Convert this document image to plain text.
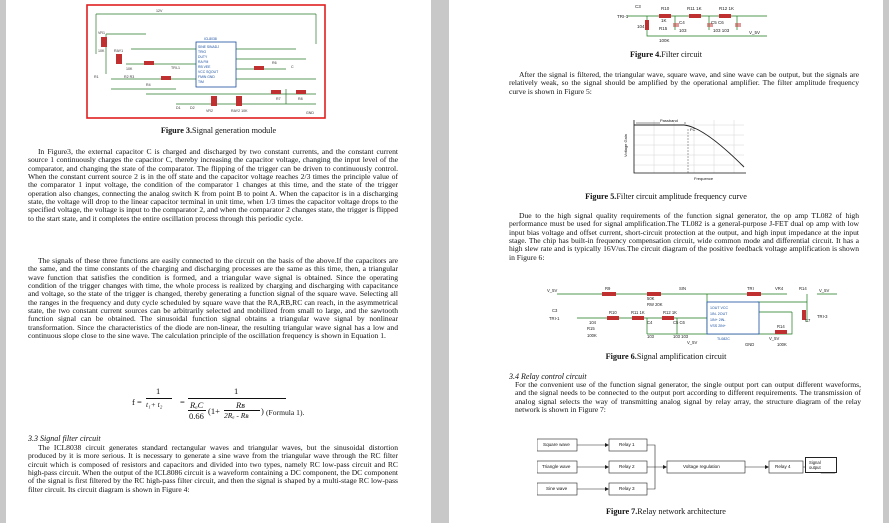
ICL8038
SINE SINADJ
TRIO
DUTY
RA FM
RB VEE
VCC SQOUT
FMIN GND
TIM
12V
VR1
10K	RAY1
10K
R1	R2 R3
R4
TRI-1
R6
C
VR2	RAY2 10K
R7	R8
GND
D1	D2
Figure 3.Signal generation module
In Figure3, the external capacitor C is charged and discharged by two constant currents, and the constant current source 1 continuously charges the capacitor C, thereby increasing the capacitor voltage, changing the input level of the comparator, and changing the state of the comparator. The flipping of the trigger can be driven to continuously control. When the constant current source 2 is in the off state and the capacitor voltage reaches 2/3 times the principle value of the comparator 1 input voltage, the condition of the comparator 1 changes at this time, and the state of the trigger operation also changes, connecting the analog switch K from point B to point A. When the capacitor is in a discharging state, the voltage will drop to the linear capacitor terminal in unit time, when 1/3 times the capacitor voltage drops to the specified voltage, the voltage is input to the comparator 2, and when the comparator 2 changes state, the trigger is flipped to the start state, and it completes the entire oscillation process through this periodic cycle.
The signals of these three functions are easily connected to the circuit on the basis of the above.If the capacitors are the same, and the time constants of the charging and discharging processes are the same as this time, then, a triangular wave function that satisfies the condition is formed, and a triangular wave signal is obtained. Since the operating condition of the trigger changes with time, the whole process is realized by charging and discharging with capacitance and voltage, so the state of the trigger is changed, thereby generating a function signal of the square wave. Selecting all the ranges in the frequency and duty cycle scheduled by square wave that the RA,RB,RC can reach, in the asymmetrical state, the two constant current sources can be arbitrarily selected and mobilized from small to large, and the sawtooth function signal can be obtained. The sinusoidal function signal obtains a triangular wave signal by nonlinear transformation. Since the characteristics of the diode are non-linear, the resulting triangular wave signal has a low and continuous slope close to the sine wave. The calculation principle of the oscillation frequency is shown in Equation 1.
f =
1
t₁+ t₂ =
1
RₐC
0.66 (1+
Rʙ
2Rₐ - Rʙ ) (Formula 1).
3.3 Signal filter circuit
The ICL8038 circuit generates standard rectangular waves and triangular waves, but the sinusoidal distortion produced by it is more serious. It is necessary to generate a sine wave from the triangular wave through the RC filter circuit which is composed of resistors and capacitors and divided into two types, namely RC low-pass circuit and RC high-pass circuit. When the output of the ICL8086 circuit is a waveform containing a DC component, the DC component of the signal is first filtered by the RC high-pass filter circuit, and then the signal is shaped by a multi-stage RC low-pass filter circuit. Its circuit diagram is shown in Figure 4:
C3	R10	R11 1K	R12 1K
TRI-1
1K
104
C4	C5 C6
R15	103	103 103	V_5V
100K
Figure 4.Filter circuit
After the signal is filtered, the triangular wave, square wave, and sine wave can be output, but the signals are relatively weak, so the signal should be amplified by the operational amplifier. The filter amplitude frequency curve is shown in Figure 5:
Passband
FC
Voltage Gain
Frequence
Figure 5.Filter circuit amplitude frequency curve
Due to the high signal quality requirements of the function signal generator, the op amp TL082 of high performance must be used for signal amplification.The TL082 is a general-purpose J-FET dual op amp with low input bias voltage and offset current, short-circuit protection at the output, and high input impedance at the input stage. The chip has built-in frequency compensation circuit, wide common mode and differential circuit. It has a high slew rate and is typically 16V/us.The circuit diagram of the positive feedback voltage amplification is shown in Figure 6:
1OUT VCC
1IN- 2OUT
1IN+ 2IN-
VSS 2IN+
TL082C
V_5V	R9
50K
SIN	TRI	VR4	R14	V_5V
RW 20K
C3
TRI-1
R10	R11 1K	R12 1K
104
R15
100K
C4	C5 C6
103	103 103
V_5V
C7
TRI-3
V_5V
R14
100K
GND
Figure 6.Signal amplification circuit
3.4 Relay control circuit
For the convenient use of the function signal generator, the single output port can output different waveforms, and the signal needs to be connected to the output port according to different requirements. The transmission of analog signal selects the way of transmitting analog signal by relay array, the structure diagram of the relay network is shown in Figure 7:
Square wave
Triangle wave
Sine wave
Relay 1
Relay 2
Relay 3
Voltage regulation	Relay 4
Signal output
Figure 7.Relay network architecture
